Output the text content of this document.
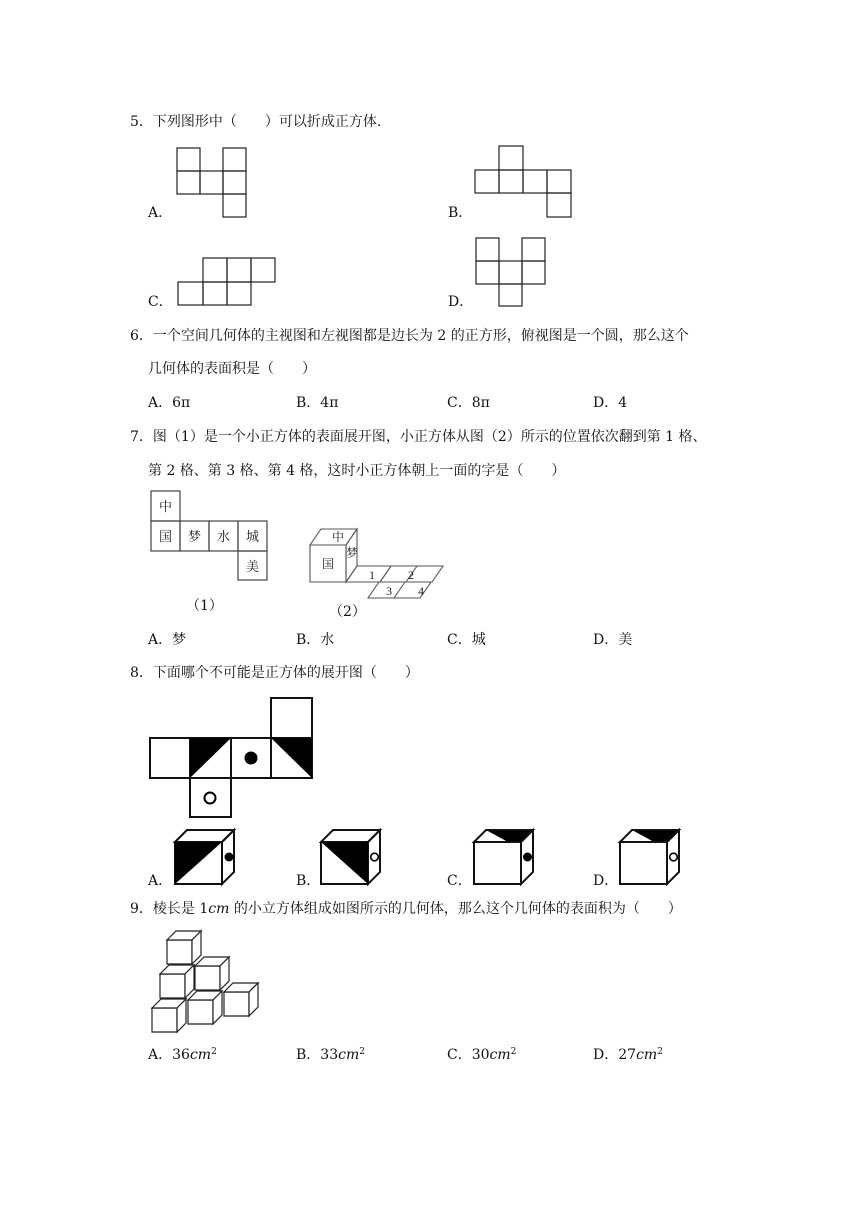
5．下列图形中（　　）可以折成正方体.
A．	B．
C．	D．
6．一个空间几何体的主视图和左视图都是边长为 2 的正方形，俯视图是一个圆，那么这个
几何体的表面积是（　　）
A．6π	B．4π	C．8π	D．4
7．图（1）是一个小正方体的表面展开图，小正方体从图（2）所示的位置依次翻到第 1 格、
第 2 格、第 3 格、第 4 格，这时小正方体朝上一面的字是（　　）
中
国 梦 水 城
美
（1）
中
国
梦
1	2
3 4
（2）
A．梦	B．水	C．城	D．美
8．下面哪个不可能是正方体的展开图（　　）
A．	B．	C．	D．
9．棱长是 1cm 的小立方体组成如图所示的几何体，那么这个几何体的表面积为（　　）
A．$36cm^2$	B．$33cm^2$	C．$30cm^2$	D．$27cm^2$
